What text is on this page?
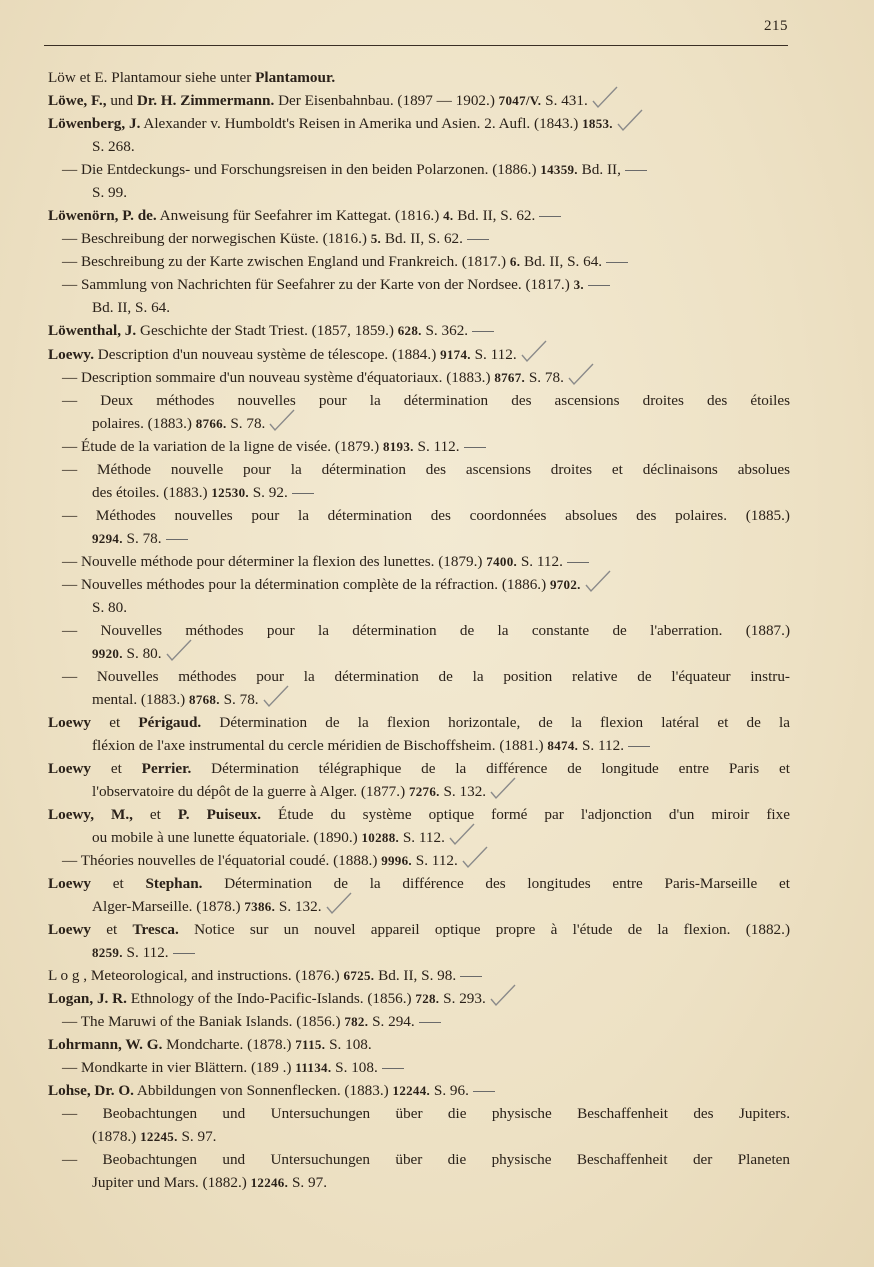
215
Löw et E. Plantamour siehe unter Plantamour.
Löwe, F., und Dr. H. Zimmermann. Der Eisenbahnbau. (1897 — 1902.) 7047/V. S. 431.
Löwenberg, J. Alexander v. Humboldt's Reisen in Amerika und Asien. 2. Aufl. (1843.) 1853.
S. 268.
— Die Entdeckungs- und Forschungsreisen in den beiden Polarzonen. (1886.) 14359. Bd. II,
S. 99.
Löwenörn, P. de. Anweisung für Seefahrer im Kattegat. (1816.) 4. Bd. II, S. 62.
— Beschreibung der norwegischen Küste. (1816.) 5. Bd. II, S. 62.
— Beschreibung zu der Karte zwischen England und Frankreich. (1817.) 6. Bd. II, S. 64.
— Sammlung von Nachrichten für Seefahrer zu der Karte von der Nordsee. (1817.) 3.
Bd. II, S. 64.
Löwenthal, J. Geschichte der Stadt Triest. (1857, 1859.) 628. S. 362.
Loewy. Description d'un nouveau système de télescope. (1884.) 9174. S. 112.
— Description sommaire d'un nouveau système d'équatoriaux. (1883.) 8767. S. 78.
— Deux méthodes nouvelles pour la détermination des ascensions droites des étoiles
polaires. (1883.) 8766. S. 78.
— Étude de la variation de la ligne de visée. (1879.) 8193. S. 112.
— Méthode nouvelle pour la détermination des ascensions droites et déclinaisons absolues
des étoiles. (1883.) 12530. S. 92.
— Méthodes nouvelles pour la détermination des coordonnées absolues des polaires. (1885.)
9294. S. 78.
— Nouvelle méthode pour déterminer la flexion des lunettes. (1879.) 7400. S. 112.
— Nouvelles méthodes pour la détermination complète de la réfraction. (1886.) 9702.
S. 80.
— Nouvelles méthodes pour la détermination de la constante de l'aberration. (1887.)
9920. S. 80.
— Nouvelles méthodes pour la détermination de la position relative de l'équateur instru-
mental. (1883.) 8768. S. 78.
Loewy et Périgaud. Détermination de la flexion horizontale, de la flexion latéral et de la
fléxion de l'axe instrumental du cercle méridien de Bischoffsheim. (1881.) 8474. S. 112.
Loewy et Perrier. Détermination télégraphique de la différence de longitude entre Paris et
l'observatoire du dépôt de la guerre à Alger. (1877.) 7276. S. 132.
Loewy, M., et P. Puiseux. Étude du système optique formé par l'adjonction d'un miroir fixe
ou mobile à une lunette équatoriale. (1890.) 10288. S. 112.
— Théories nouvelles de l'équatorial coudé. (1888.) 9996. S. 112.
Loewy et Stephan. Détermination de la différence des longitudes entre Paris-Marseille et
Alger-Marseille. (1878.) 7386. S. 132.
Loewy et Tresca. Notice sur un nouvel appareil optique propre à l'étude de la flexion. (1882.)
8259. S. 112.
L o g , Meteorological, and instructions. (1876.) 6725. Bd. II, S. 98.
Logan, J. R. Ethnology of the Indo-Pacific-Islands. (1856.) 728. S. 293.
— The Maruwi of the Baniak Islands. (1856.) 782. S. 294.
Lohrmann, W. G. Mondcharte. (1878.) 7115. S. 108.
— Mondkarte in vier Blättern. (189 .) 11134. S. 108.
Lohse, Dr. O. Abbildungen von Sonnenflecken. (1883.) 12244. S. 96.
— Beobachtungen und Untersuchungen über die physische Beschaffenheit des Jupiters.
(1878.) 12245. S. 97.
— Beobachtungen und Untersuchungen über die physische Beschaffenheit der Planeten
Jupiter und Mars. (1882.) 12246. S. 97.
